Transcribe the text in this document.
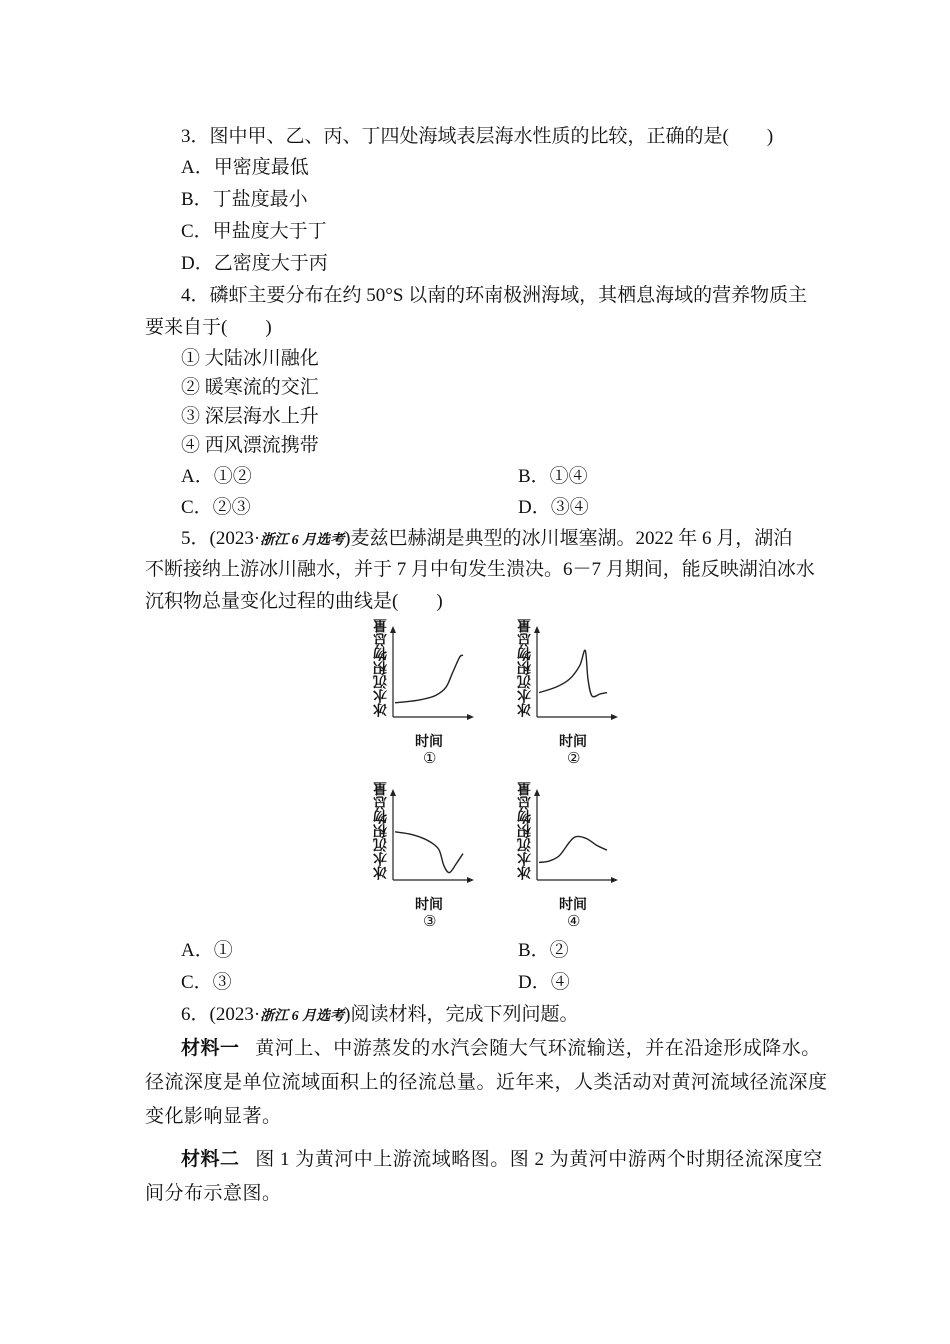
3．图中甲、乙、丙、丁四处海域表层海水性质的比较，正确的是(　　)
A．甲密度最低
B．丁盐度最小
C．甲盐度大于丁
D．乙密度大于丙
4．磷虾主要分布在约 50°S 以南的环南极洲海域，其栖息海域的营养物质主
要来自于(　　)
① 大陆冰川融化
② 暖寒流的交汇
③ 深层海水上升
④ 西风漂流携带
A．①②	B．①④
C．②③	D．③④
5．(2023·浙江 6 月选考)麦兹巴赫湖是典型的冰川堰塞湖。2022 年 6 月，湖泊
不断接纳上游冰川融水，并于 7 月中旬发生溃决。6－7 月期间，能反映湖泊冰水
沉积物总量变化过程的曲线是(　　)
冰水沉积物总量
时间
①
冰水沉积物总量
时间
②
冰水沉积物总量
时间
③
冰水沉积物总量
时间
④
A．①	B．②
C．③	D．④
6．(2023·浙江 6 月选考)阅读材料，完成下列问题。
材料一 黄河上、中游蒸发的水汽会随大气环流输送，并在沿途形成降水。
径流深度是单位流域面积上的径流总量。近年来，人类活动对黄河流域径流深度
变化影响显著。
材料二 图 1 为黄河中上游流域略图。图 2 为黄河中游两个时期径流深度空
间分布示意图。
